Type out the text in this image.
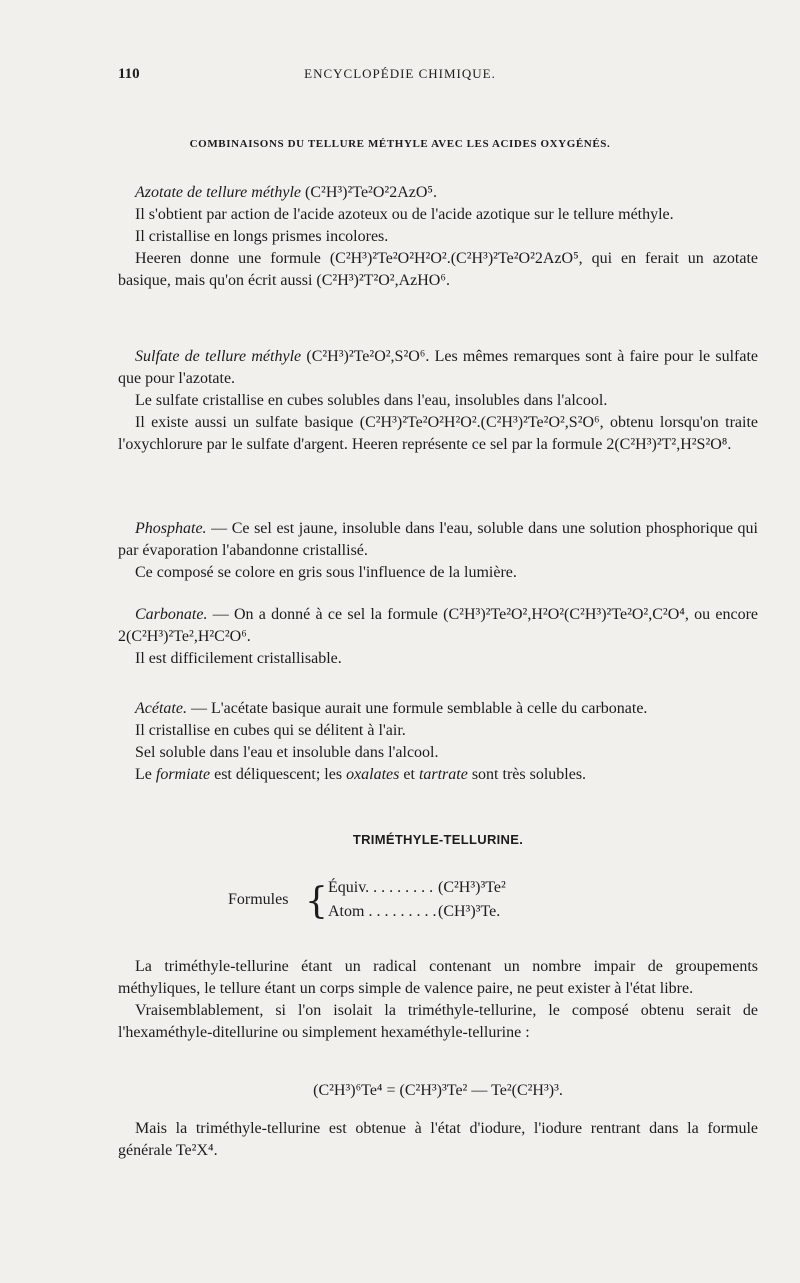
110	ENCYCLOPÉDIE CHIMIQUE.
COMBINAISONS DU TELLURE MÉTHYLE AVEC LES ACIDES OXYGÉNÉS.

Azotate de tellure méthyle (C²H³)²Te²O²2AzO⁵.

Il s'obtient par action de l'acide azoteux ou de l'acide azotique sur le tellure méthyle.

Il cristallise en longs prismes incolores.

Heeren donne une formule (C²H³)²Te²O²H²O².(C²H³)²Te²O²2AzO⁵, qui en ferait un azotate basique, mais qu'on écrit aussi (C²H³)²T²O²,AzHO⁶.

Sulfate de tellure méthyle (C²H³)²Te²O²,S²O⁶. Les mêmes remarques sont à faire pour le sulfate que pour l'azotate.

Le sulfate cristallise en cubes solubles dans l'eau, insolubles dans l'alcool.

Il existe aussi un sulfate basique (C²H³)²Te²O²H²O².(C²H³)²Te²O²,S²O⁶, obtenu lorsqu'on traite l'oxychlorure par le sulfate d'argent. Heeren représente ce sel par la formule 2(C²H³)²T²,H²S²O⁸.

Phosphate. — Ce sel est jaune, insoluble dans l'eau, soluble dans une solution phosphorique qui par évaporation l'abandonne cristallisé.

Ce composé se colore en gris sous l'influence de la lumière.

Carbonate. — On a donné à ce sel la formule (C²H³)²Te²O²,H²O²(C²H³)²Te²O²,C²O⁴, ou encore 2(C²H³)²Te²,H²C²O⁶.

Il est difficilement cristallisable.

Acétate. — L'acétate basique aurait une formule semblable à celle du carbonate.

Il cristallise en cubes qui se délitent à l'air.

Sel soluble dans l'eau et insoluble dans l'alcool.

Le formiate est déliquescent; les oxalates et tartrate sont très solubles.

TRIMÉTHYLE-TELLURINE.
Formules { Équiv. . . . . . . . . (C²H³)³Te²
Atom . . . . . . . . . (CH³)³Te.

La triméthyle-tellurine étant un radical contenant un nombre impair de groupements méthyliques, le tellure étant un corps simple de valence paire, ne peut exister à l'état libre.

Vraisemblablement, si l'on isolait la triméthyle-tellurine, le composé obtenu serait de l'hexaméthyle-ditellurine ou simplement hexaméthyle-tellurine :

(C²H³)⁶Te⁴ = (C²H³)³Te² — Te²(C²H³)³.

Mais la triméthyle-tellurine est obtenue à l'état d'iodure, l'iodure rentrant dans la formule générale Te²X⁴.
